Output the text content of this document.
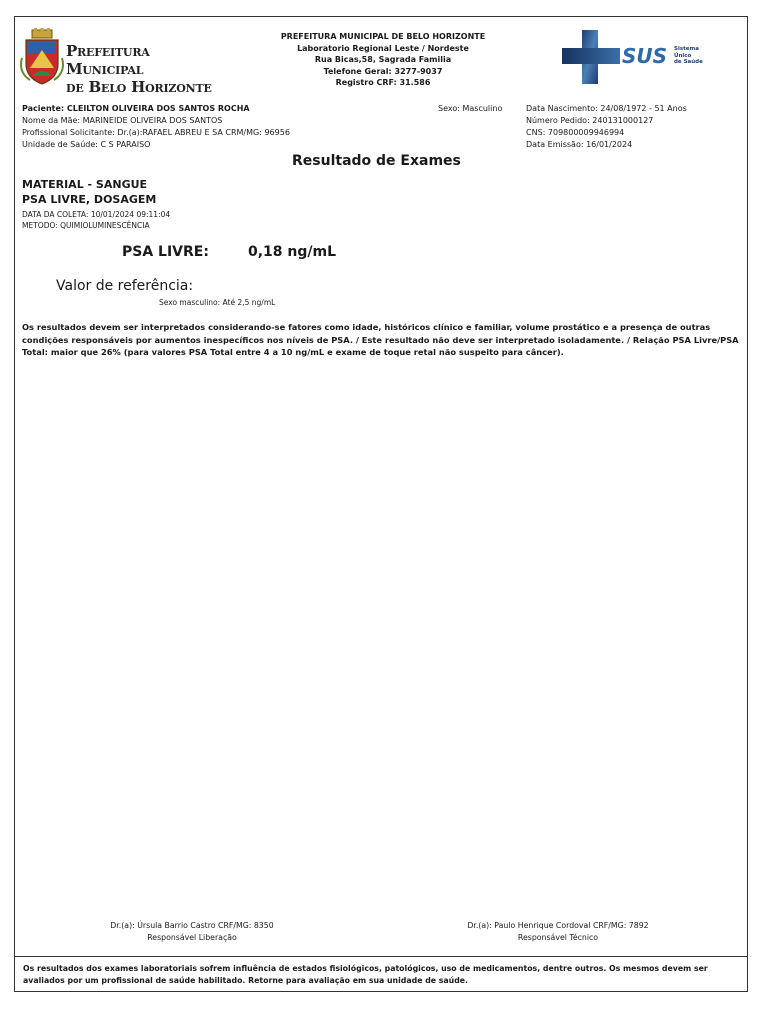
Prefeitura Municipal
de Belo Horizonte
PREFEITURA MUNICIPAL DE BELO HORIZONTE
Laboratorio Regional Leste / Nordeste
Rua Bicas,58, Sagrada Familia
Telefone Geral: 3277-9037
Registro CRF: 31.586
SUS Sistema
Único
de Saúde
Paciente: CLEILTON OLIVEIRA DOS SANTOS ROCHA
Nome da Mãe: MARINEIDE OLIVEIRA DOS SANTOS
Profissional Solicitante: Dr.(a):RAFAEL ABREU E SA CRM/MG: 96956
Unidade de Saúde: C S PARAISO
Sexo: Masculino	Data Nascimento: 24/08/1972 - 51 Anos
Número Pedido: 240131000127
CNS: 709800009946994
Data Emissão: 16/01/2024
Resultado de Exames
MATERIAL - SANGUE
PSA LIVRE, DOSAGEM
DATA DA COLETA: 10/01/2024 09:11:04
METODO: QUIMIOLUMINESCÊNCIA
PSA LIVRE:	0,18 ng/mL
Valor de referência:
Sexo masculino: Até 2,5 ng/mL
Os resultados devem ser interpretados considerando-se fatores como idade, históricos clínico e familiar, volume prostático e a presença de outras condições responsáveis por aumentos inespecíficos nos níveis de PSA. / Este resultado não deve ser interpretado isoladamente. / Relação PSA Livre/PSA Total: maior que 26% (para valores PSA Total entre 4 a 10 ng/mL e exame de toque retal não suspeito para câncer).
Dr.(a): Úrsula Barrio Castro CRF/MG: 8350
Responsável Liberação
Dr.(a): Paulo Henrique Cordoval CRF/MG: 7892
Responsável Técnico
Os resultados dos exames laboratoriais sofrem influência de estados fisiológicos, patológicos, uso de medicamentos, dentre outros. Os mesmos devem ser avaliados por um profissional de saúde habilitado. Retorne para avaliação em sua unidade de saúde.
